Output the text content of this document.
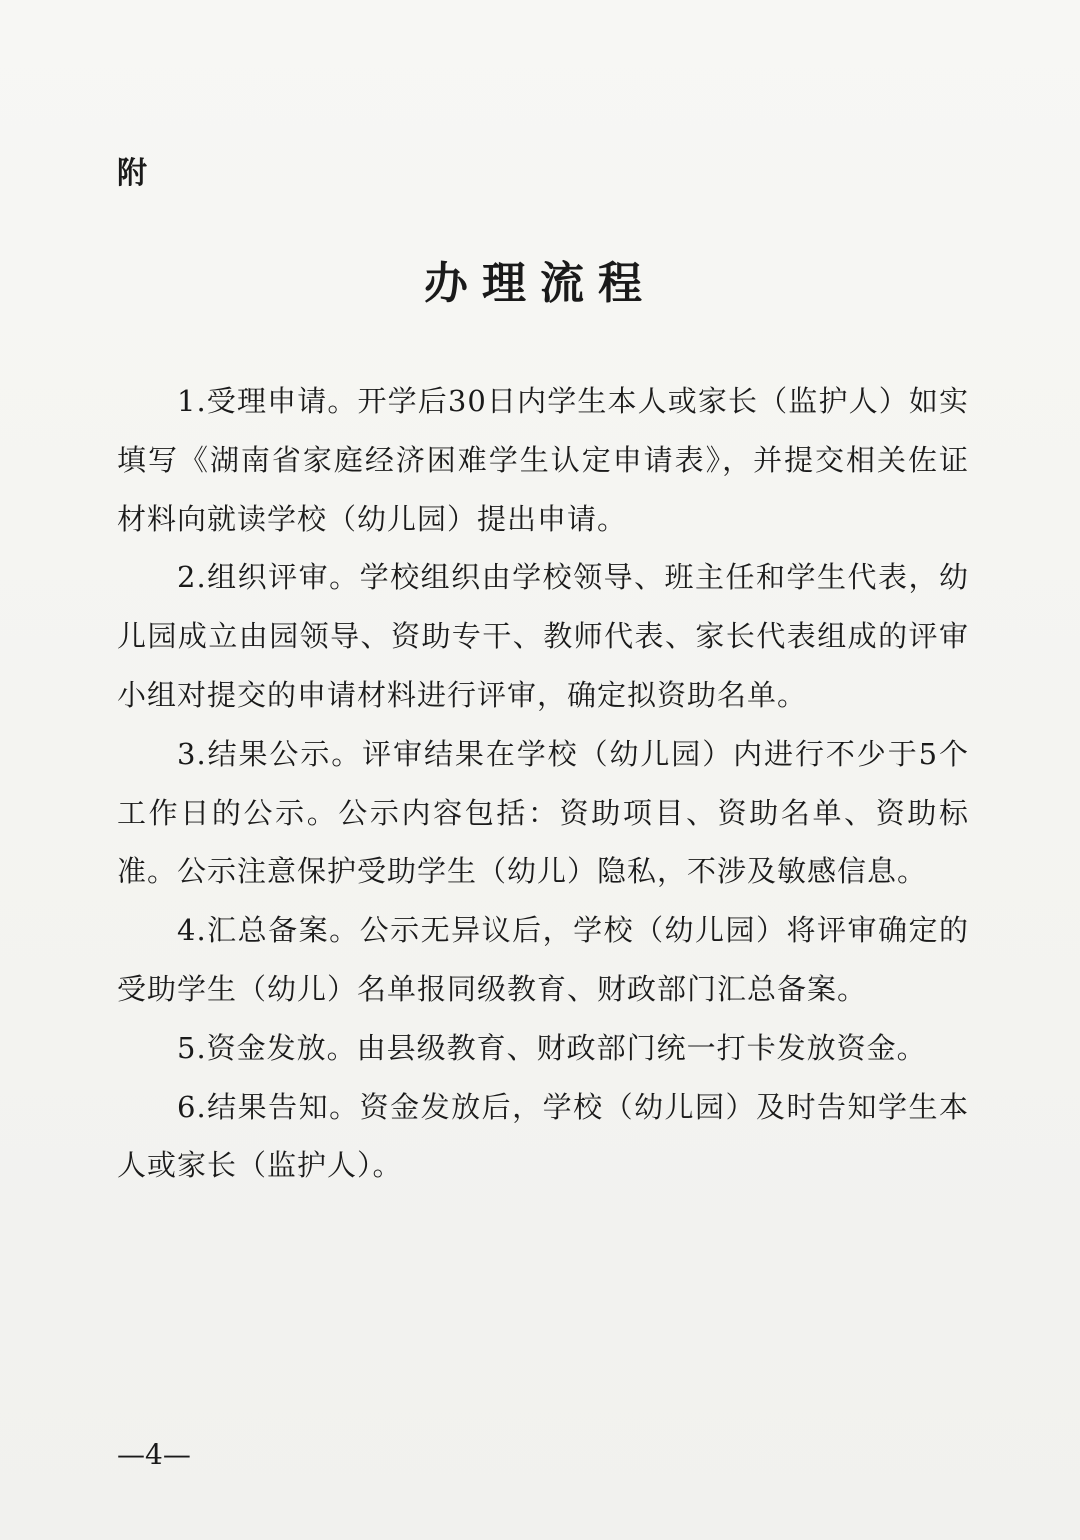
附
办理流程

1.受理申请。开学后30日内学生本人或家长（监护人）如实填写《湖南省家庭经济困难学生认定申请表》，并提交相关佐证材料向就读学校（幼儿园）提出申请。

2.组织评审。学校组织由学校领导、班主任和学生代表，幼儿园成立由园领导、资助专干、教师代表、家长代表组成的评审小组对提交的申请材料进行评审，确定拟资助名单。

3.结果公示。评审结果在学校（幼儿园）内进行不少于5个工作日的公示。公示内容包括：资助项目、资助名单、资助标准。公示注意保护受助学生（幼儿）隐私，不涉及敏感信息。

4.汇总备案。公示无异议后，学校（幼儿园）将评审确定的受助学生（幼儿）名单报同级教育、财政部门汇总备案。

5.资金发放。由县级教育、财政部门统一打卡发放资金。

6.结果告知。资金发放后，学校（幼儿园）及时告知学生本人或家长（监护人）。

—4—
